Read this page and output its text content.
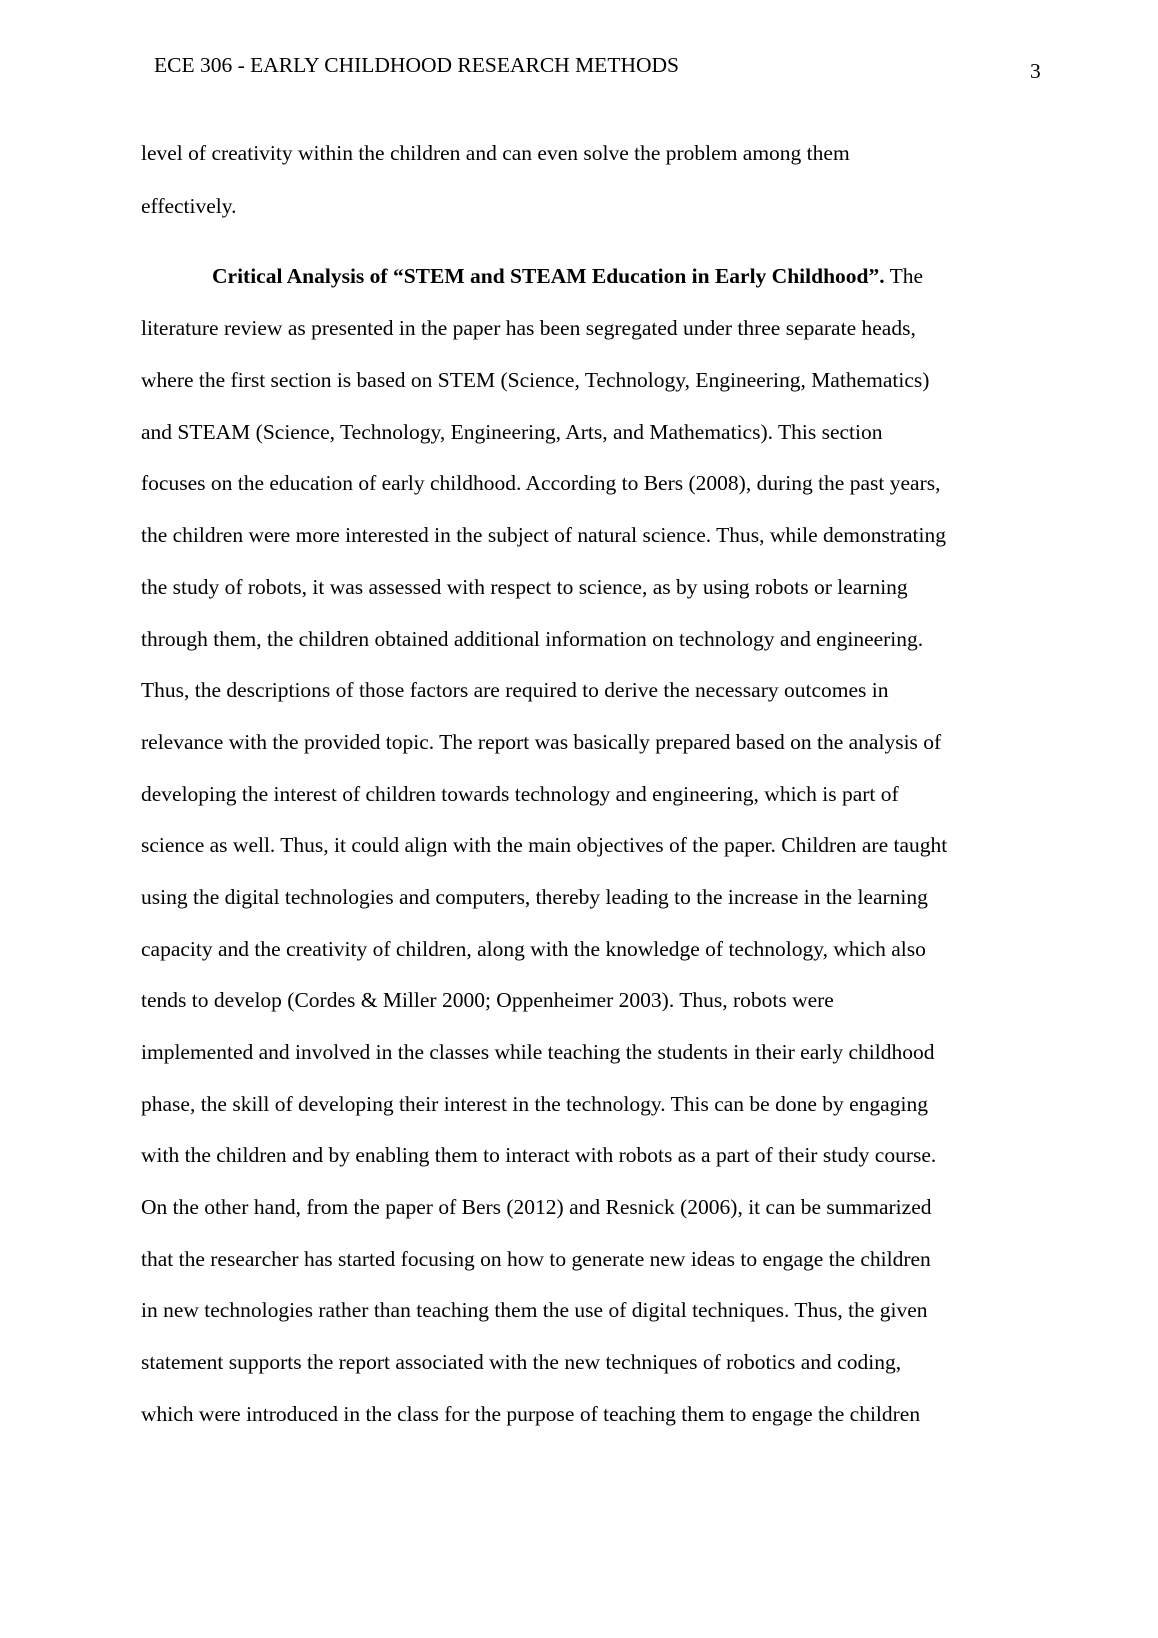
ECE 306 - EARLY CHILDHOOD RESEARCH METHODS	3
level of creativity within the children and can even solve the problem among them
effectively.
Critical Analysis of “STEM and STEAM Education in Early Childhood”. The
literature review as presented in the paper has been segregated under three separate heads,
where the first section is based on STEM (Science, Technology, Engineering, Mathematics)
and STEAM (Science, Technology, Engineering, Arts, and Mathematics). This section
focuses on the education of early childhood. According to Bers (2008), during the past years,
the children were more interested in the subject of natural science. Thus, while demonstrating
the study of robots, it was assessed with respect to science, as by using robots or learning
through them, the children obtained additional information on technology and engineering.
Thus, the descriptions of those factors are required to derive the necessary outcomes in
relevance with the provided topic. The report was basically prepared based on the analysis of
developing the interest of children towards technology and engineering, which is part of
science as well. Thus, it could align with the main objectives of the paper. Children are taught
using the digital technologies and computers, thereby leading to the increase in the learning
capacity and the creativity of children, along with the knowledge of technology, which also
tends to develop (Cordes & Miller 2000; Oppenheimer 2003). Thus, robots were
implemented and involved in the classes while teaching the students in their early childhood
phase, the skill of developing their interest in the technology. This can be done by engaging
with the children and by enabling them to interact with robots as a part of their study course.
On the other hand, from the paper of Bers (2012) and Resnick (2006), it can be summarized
that the researcher has started focusing on how to generate new ideas to engage the children
in new technologies rather than teaching them the use of digital techniques. Thus, the given
statement supports the report associated with the new techniques of robotics and coding,
which were introduced in the class for the purpose of teaching them to engage the children
